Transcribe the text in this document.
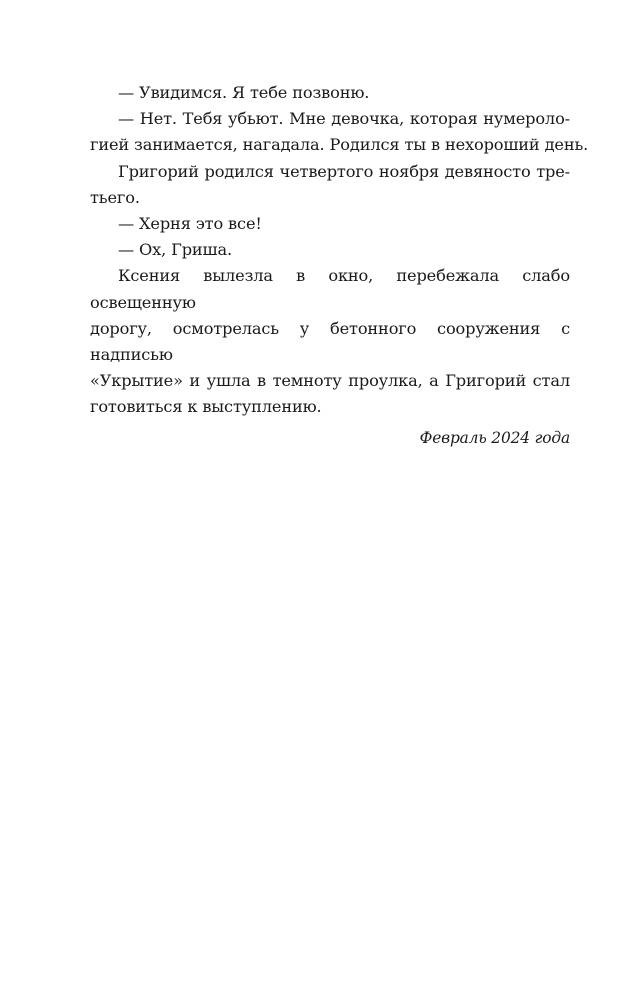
— Увидимся. Я тебе позвоню.

— Нет. Тебя убьют. Мне девочка, которая нумероло-
гией занимается, нагадала. Родился ты в нехороший день.

Григорий родился четвертого ноября девяносто тре-
тьего.

— Херня это все!

— Ох, Гриша.

Ксения вылезла в окно, перебежала слабо освещенную
дорогу, осмотрелась у бетонного сооружения с надписью
«Укрытие» и ушла в темноту проулка, а Григорий стал
готовиться к выступлению.

Февраль 2024 года
